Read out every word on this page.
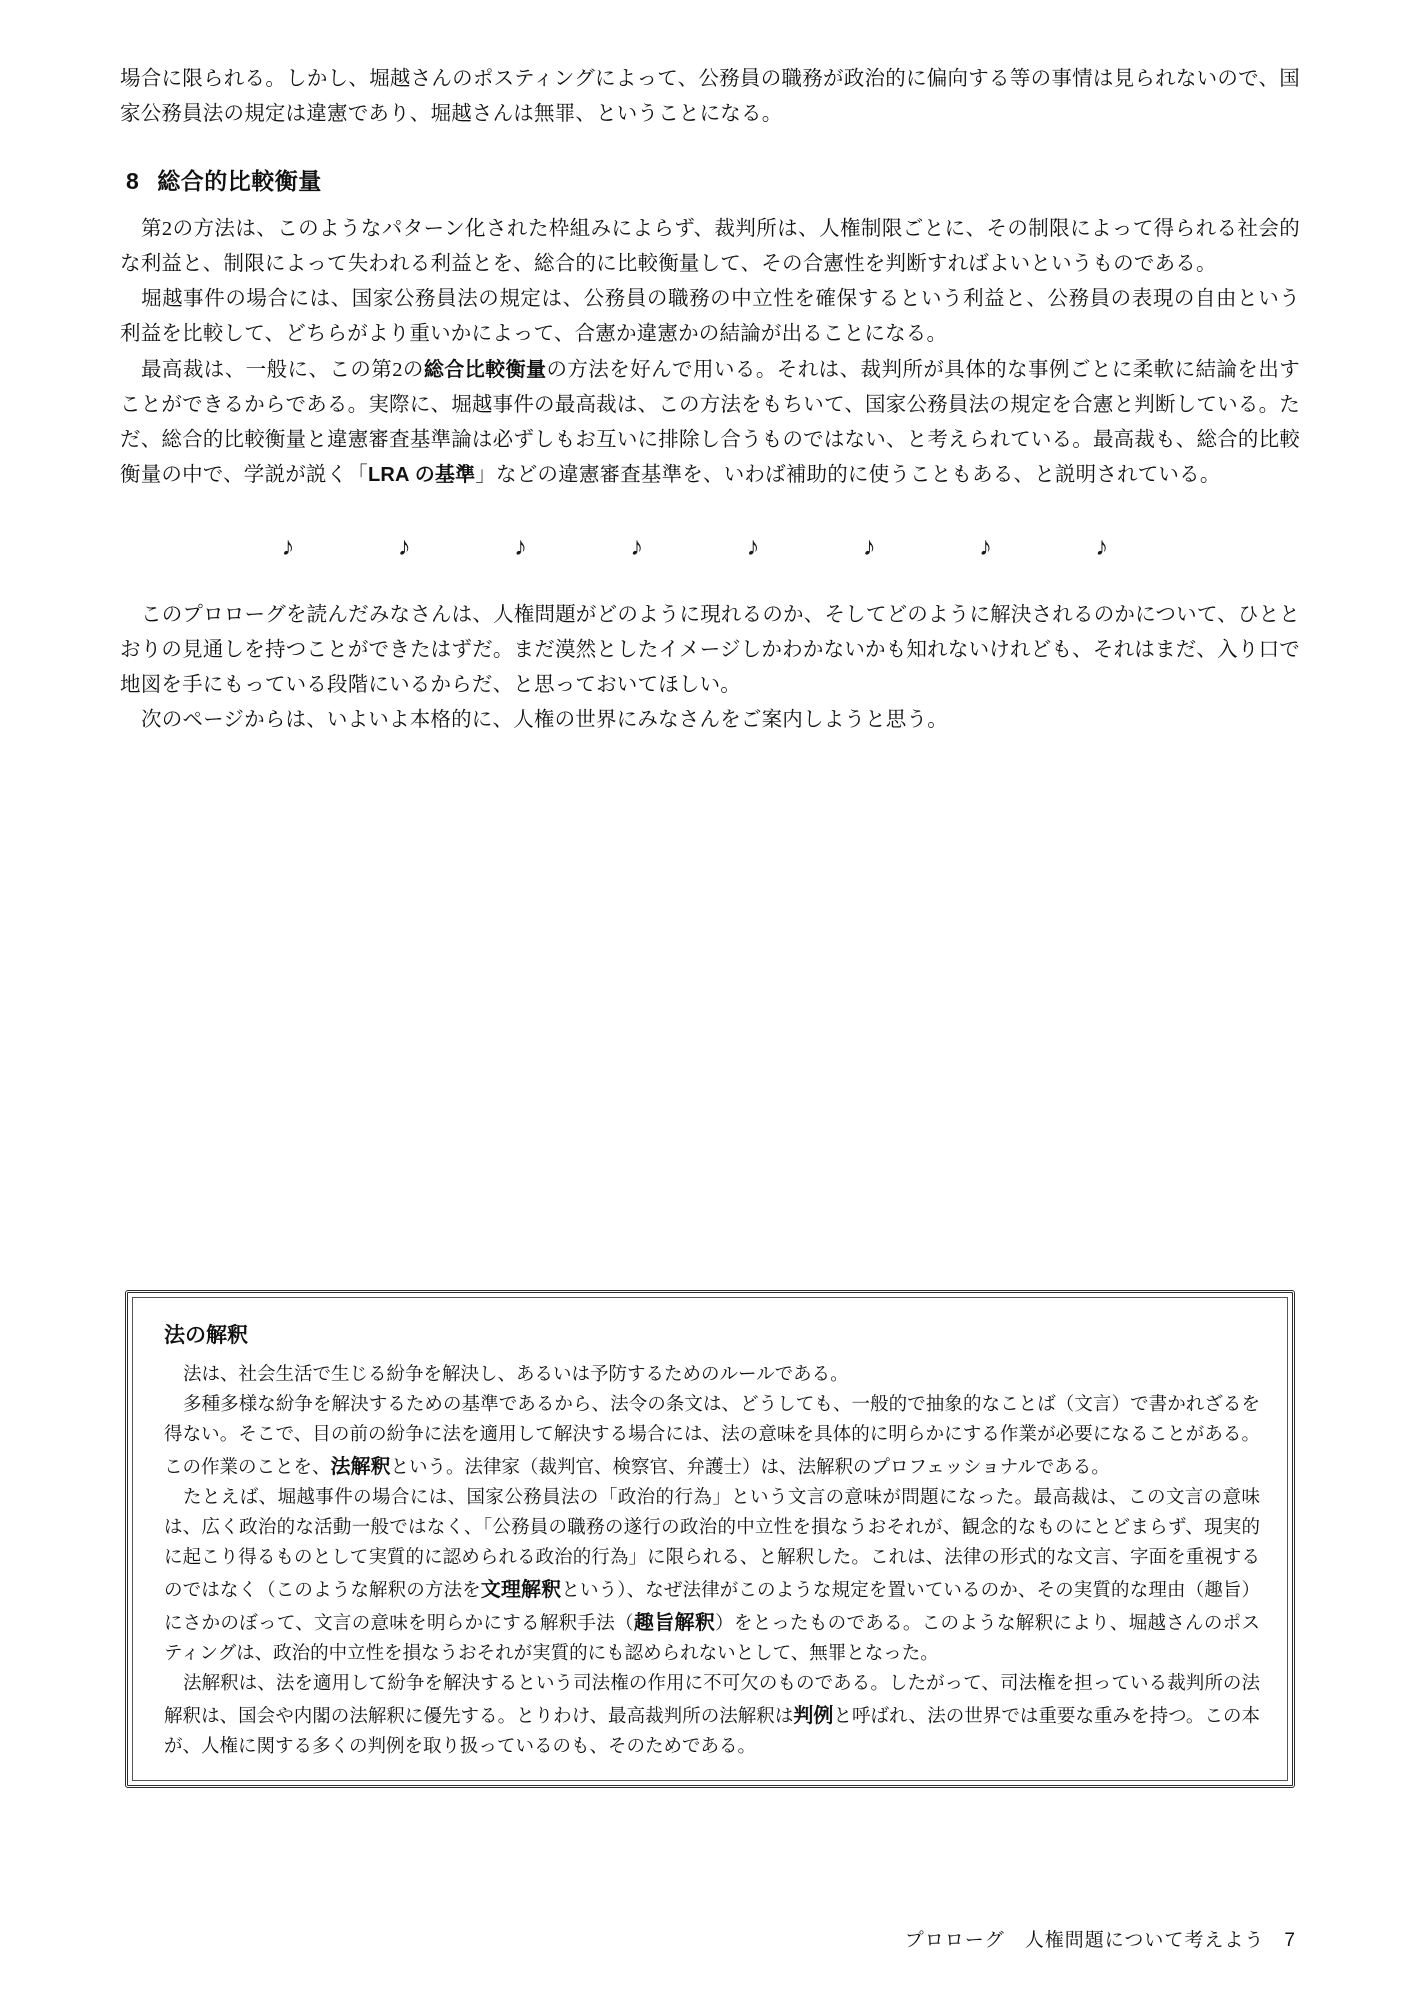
場合に限られる。しかし、堀越さんのポスティングによって、公務員の職務が政治的に偏向する等の事情は見られないので、国家公務員法の規定は違憲であり、堀越さんは無罪、ということになる。

8 総合的比較衡量

第2の方法は、このようなパターン化された枠組みによらず、裁判所は、人権制限ごとに、その制限によって得られる社会的な利益と、制限によって失われる利益とを、総合的に比較衡量して、その合憲性を判断すればよいというものである。

堀越事件の場合には、国家公務員法の規定は、公務員の職務の中立性を確保するという利益と、公務員の表現の自由という利益を比較して、どちらがより重いかによって、合憲か違憲かの結論が出ることになる。

最高裁は、一般に、この第2の総合比較衡量の方法を好んで用いる。それは、裁判所が具体的な事例ごとに柔軟に結論を出すことができるからである。実際に、堀越事件の最高裁は、この方法をもちいて、国家公務員法の規定を合憲と判断している。ただ、総合的比較衡量と違憲審査基準論は必ずしもお互いに排除し合うものではない、と考えられている。最高裁も、総合的比較衡量の中で、学説が説く「LRA の基準」などの違憲審査基準を、いわば補助的に使うこともある、と説明されている。

♪	♪	♪	♪	♪	♪	♪	♪

このプロローグを読んだみなさんは、人権問題がどのように現れるのか、そしてどのように解決されるのかについて、ひととおりの見通しを持つことができたはずだ。まだ漠然としたイメージしかわかないかも知れないけれども、それはまだ、入り口で地図を手にもっている段階にいるからだ、と思っておいてほしい。

次のページからは、いよいよ本格的に、人権の世界にみなさんをご案内しようと思う。

法の解釈

法は、社会生活で生じる紛争を解決し、あるいは予防するためのルールである。

多種多様な紛争を解決するための基準であるから、法令の条文は、どうしても、一般的で抽象的なことば（文言）で書かれざるを得ない。そこで、目の前の紛争に法を適用して解決する場合には、法の意味を具体的に明らかにする作業が必要になることがある。この作業のことを、法解釈という。法律家（裁判官、検察官、弁護士）は、法解釈のプロフェッショナルである。

たとえば、堀越事件の場合には、国家公務員法の「政治的行為」という文言の意味が問題になった。最高裁は、この文言の意味は、広く政治的な活動一般ではなく、「公務員の職務の遂行の政治的中立性を損なうおそれが、観念的なものにとどまらず、現実的に起こり得るものとして実質的に認められる政治的行為」に限られる、と解釈した。これは、法律の形式的な文言、字面を重視するのではなく（このような解釈の方法を文理解釈という）、なぜ法律がこのような規定を置いているのか、その実質的な理由（趣旨）にさかのぼって、文言の意味を明らかにする解釈手法（趣旨解釈）をとったものである。このような解釈により、堀越さんのポスティングは、政治的中立性を損なうおそれが実質的にも認められないとして、無罪となった。

法解釈は、法を適用して紛争を解決するという司法権の作用に不可欠のものである。したがって、司法権を担っている裁判所の法解釈は、国会や内閣の法解釈に優先する。とりわけ、最高裁判所の法解釈は判例と呼ばれ、法の世界では重要な重みを持つ。この本が、人権に関する多くの判例を取り扱っているのも、そのためである。

プロローグ　人権問題について考えよう 7
